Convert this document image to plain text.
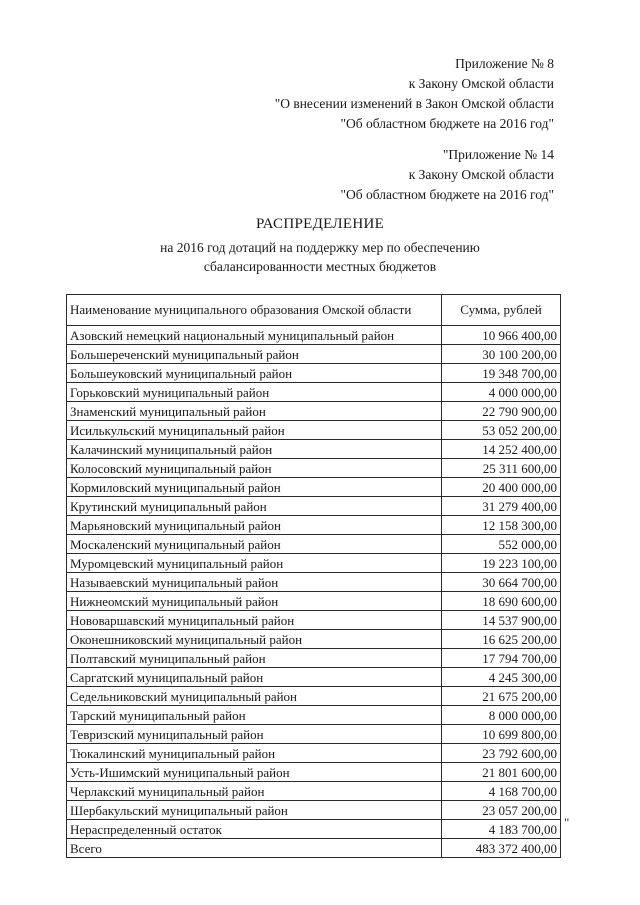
Приложение № 8
к Закону Омской области
"О внесении изменений в Закон Омской области
"Об областном бюджете на 2016 год"
"Приложение № 14
к Закону Омской области
"Об областном бюджете на 2016 год"
РАСПРЕДЕЛЕНИЕ
на 2016 год дотаций на поддержку мер по обеспечению
сбалансированности местных бюджетов
Наименование муниципального образования Омской области	Сумма, рублей
Азовский немецкий национальный муниципальный район	10 966 400,00
Большереченский муниципальный район	30 100 200,00
Большеуковский муниципальный район	19 348 700,00
Горьковский муниципальный район	4 000 000,00
Знаменский муниципальный район	22 790 900,00
Исилькульский муниципальный район	53 052 200,00
Калачинский муниципальный район	14 252 400,00
Колосовский муниципальный район	25 311 600,00
Кормиловский муниципальный район	20 400 000,00
Крутинский муниципальный район	31 279 400,00
Марьяновский муниципальный район	12 158 300,00
Москаленский муниципальный район	552 000,00
Муромцевский муниципальный район	19 223 100,00
Называевский муниципальный район	30 664 700,00
Нижнеомский муниципальный район	18 690 600,00
Нововаршавский муниципальный район	14 537 900,00
Оконешниковский муниципальный район	16 625 200,00
Полтавский муниципальный район	17 794 700,00
Саргатский муниципальный район	4 245 300,00
Седельниковский муниципальный район	21 675 200,00
Тарский муниципальный район	8 000 000,00
Тевризский муниципальный район	10 699 800,00
Тюкалинский муниципальный район	23 792 600,00
Усть-Ишимский муниципальный район	21 801 600,00
Черлакский муниципальный район	4 168 700,00
Шербакульский муниципальный район	23 057 200,00
Нераспределенный остаток	4 183 700,00
Всего	483 372 400,00
"
